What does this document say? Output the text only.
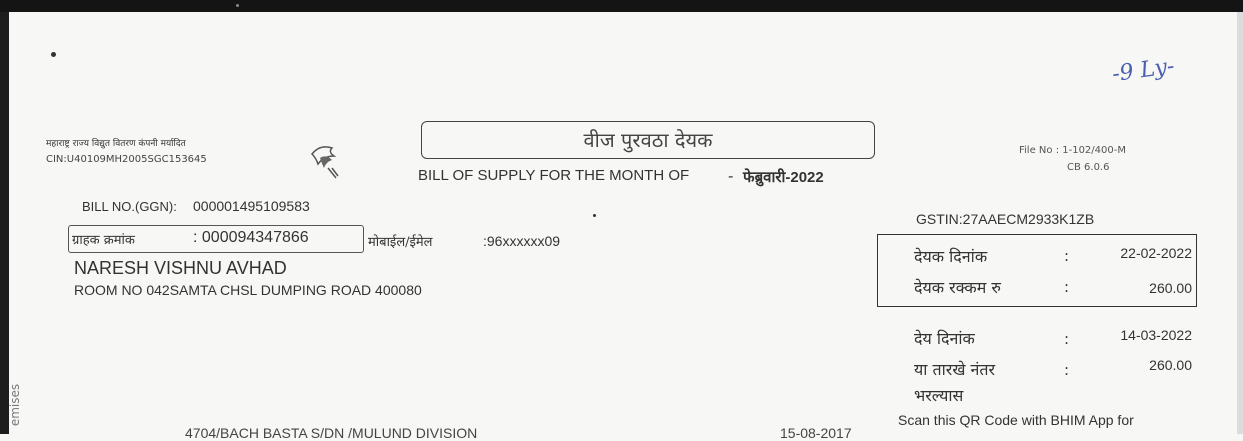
-9 Ly-
महाराष्ट्र राज्य विद्युत वितरण कंपनी मर्यादित
CIN:U40109MH2005SGC153645
वीज पुरवठा देयक
BILL OF SUPPLY FOR THE MONTH OF	- फेब्रुवारी-2022
File No : 1-102/400-M
CB 6.0.6
BILL NO.(GGN): 000001495109583
ग्राहक क्रमांक	: 000094347866	मोबाईल/ईमेल	:96xxxxxx09
NARESH VISHNU AVHAD
ROOM NO 042SAMTA CHSL DUMPING ROAD 400080
GSTIN:27AAECM2933K1ZB
देयक दिनांक	:	22-02-2022
देयक रक्कम रु	:	260.00
देय दिनांक	:	14-03-2022
या तारखे नंतर
भरल्यास
:	260.00
Scan this QR Code with BHIM App for
emises
4704/BACH BASTA S/DN /MULUND DIVISION	15-08-2017
